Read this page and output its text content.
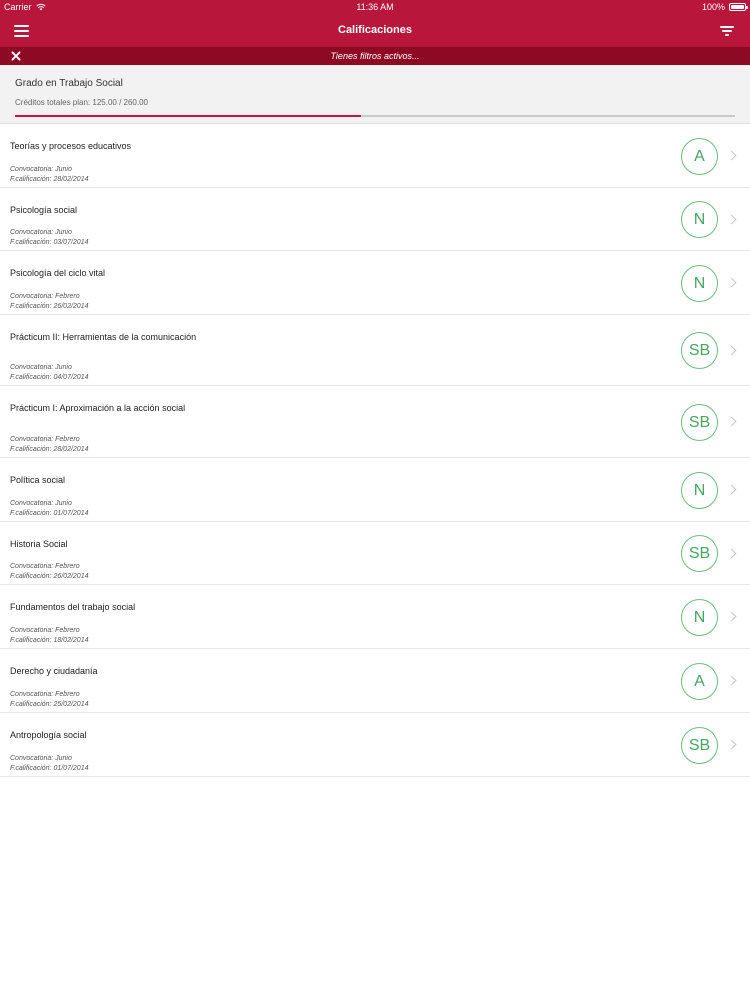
Carrier	11:36 AM	100%
Calificaciones
Tienes filtros activos...
Grado en Trabajo Social
Créditos totales plan: 125.00 / 260.00
Teorías y procesos educativos
Convocatoria: Junio
F.calificación: 28/02/2014
A
Psicología social
Convocatoria: Junio
F.calificación: 03/07/2014
N
Psicología del ciclo vital
Convocatoria: Febrero
F.calificación: 26/02/2014
N
Prácticum II: Herramientas de la comunicación
Convocatoria: Junio
F.calificación: 04/07/2014
SB
Prácticum I: Aproximación a la acción social
Convocatoria: Febrero
F.calificación: 28/02/2014
SB
Política social
Convocatoria: Junio
F.calificación: 01/07/2014
N
Historia Social
Convocatoria: Febrero
F.calificación: 26/02/2014
SB
Fundamentos del trabajo social
Convocatoria: Febrero
F.calificación: 18/02/2014
N
Derecho y ciudadanía
Convocatoria: Febrero
F.calificación: 25/02/2014
A
Antropología social
Convocatoria: Junio
F.calificación: 01/07/2014
SB
